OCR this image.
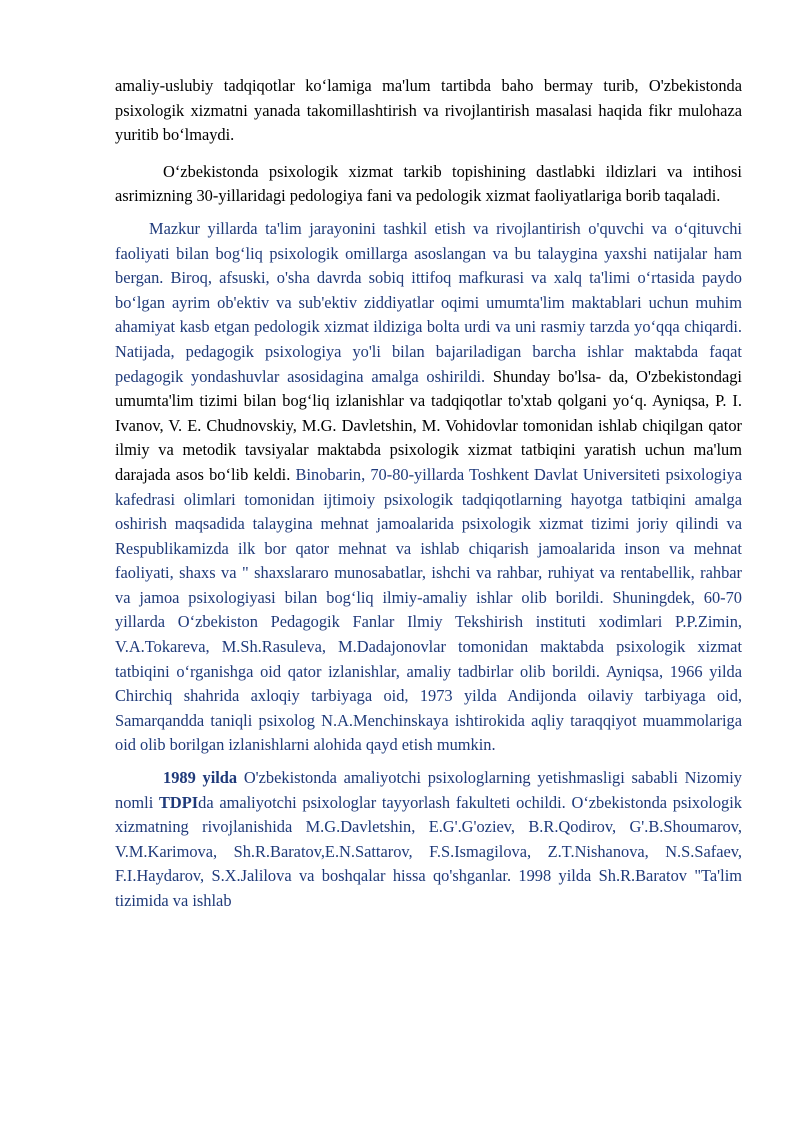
amaliy-uslubiy tadqiqotlar ko‘lamiga ma'lum tartibda baho bermay turib, O'zbekistonda psixologik xizmatni yanada takomillashtirish va rivojlantirish masalasi haqida fikr mulohaza yuritib bo‘lmaydi.

O‘zbekistonda psixologik xizmat tarkib topishining dastlabki ildizlari va intihosi asrimizning 30-yillaridagi pedologiya fani va pedologik xizmat faoliyatlariga borib taqaladi.

Mazkur yillarda ta'lim jarayonini tashkil etish va rivojlantirish o'quvchi va o‘qituvchi faoliyati bilan bog‘liq psixologik omillarga asoslangan va bu talaygina yaxshi natijalar ham bergan. Biroq, afsuski, o'sha davrda sobiq ittifoq mafkurasi va xalq ta'limi o‘rtasida paydo bo‘lgan ayrim ob'ektiv va sub'ektiv ziddiyatlar oqimi umumta'lim maktablari uchun muhim ahamiyat kasb etgan pedologik xizmat ildiziga bolta urdi va uni rasmiy tarzda yo‘qqa chiqardi. Natijada, pedagogik psixologiya yo'li bilan bajariladigan barcha ishlar maktabda faqat pedagogik yondashuvlar asosidagina amalga oshirildi. Shunday bo'lsa- da, O'zbekistondagi umumta'lim tizimi bilan bog‘liq izlanishlar va tadqiqotlar to'xtab qolgani yo‘q. Ayniqsa, P. I. Ivanov, V. E. Chudnovskiy, M.G. Davletshin, M. Vohidovlar tomonidan ishlab chiqilgan qator ilmiy va metodik tavsiyalar maktabda psixologik xizmat tatbiqini yaratish uchun ma'lum darajada asos bo‘lib keldi. Binobarin, 70-80-yillarda Toshkent Davlat Universiteti psixologiya kafedrasi olimlari tomonidan ijtimoiy psixologik tadqiqotlarning hayotga tatbiqini amalga oshirish maqsadida talaygina mehnat jamoalarida psixologik xizmat tizimi joriy qilindi va Respublikamizda ilk bor qator mehnat va ishlab chiqarish jamoalarida inson va mehnat faoliyati, shaxs va " shaxslararo munosabatlar, ishchi va rahbar, ruhiyat va rentabellik, rahbar va jamoa psixologiyasi bilan bog‘liq ilmiy-amaliy ishlar olib borildi. Shuningdek, 60-70 yillarda O‘zbekiston Pedagogik Fanlar Ilmiy Tekshirish instituti xodimlari P.P.Zimin, V.A.Tokareva, M.Sh.Rasuleva, M.Dadajonovlar tomonidan maktabda psixologik xizmat tatbiqini o‘rganishga oid qator izlanishlar, amaliy tadbirlar olib borildi. Ayniqsa, 1966 yilda Chirchiq shahrida axloqiy tarbiyaga oid, 1973 yilda Andijonda oilaviy tarbiyaga oid, Samarqandda taniqli psixolog N.A.Menchinskaya ishtirokida aqliy taraqqiyot muammolariga oid olib borilgan izlanishlarni alohida qayd etish mumkin.

1989 yilda O'zbekistonda amaliyotchi psixologlarning yetishmasligi sababli Nizomiy nomli TDPIda amaliyotchi psixologlar tayyorlash fakulteti ochildi. O‘zbekistonda psixologik xizmatning rivojlanishida M.G.Davletshin, E.G'.G'oziev, B.R.Qodirov, G'.B.Shoumarov, V.M.Karimova, Sh.R.Baratov,E.N.Sattarov, F.S.Ismagilova, Z.T.Nishanova, N.S.Safaev, F.I.Haydarov, S.X.Jalilova va boshqalar hissa qo'shganlar. 1998 yilda Sh.R.Baratov "Ta'lim tizimida va ishlab
